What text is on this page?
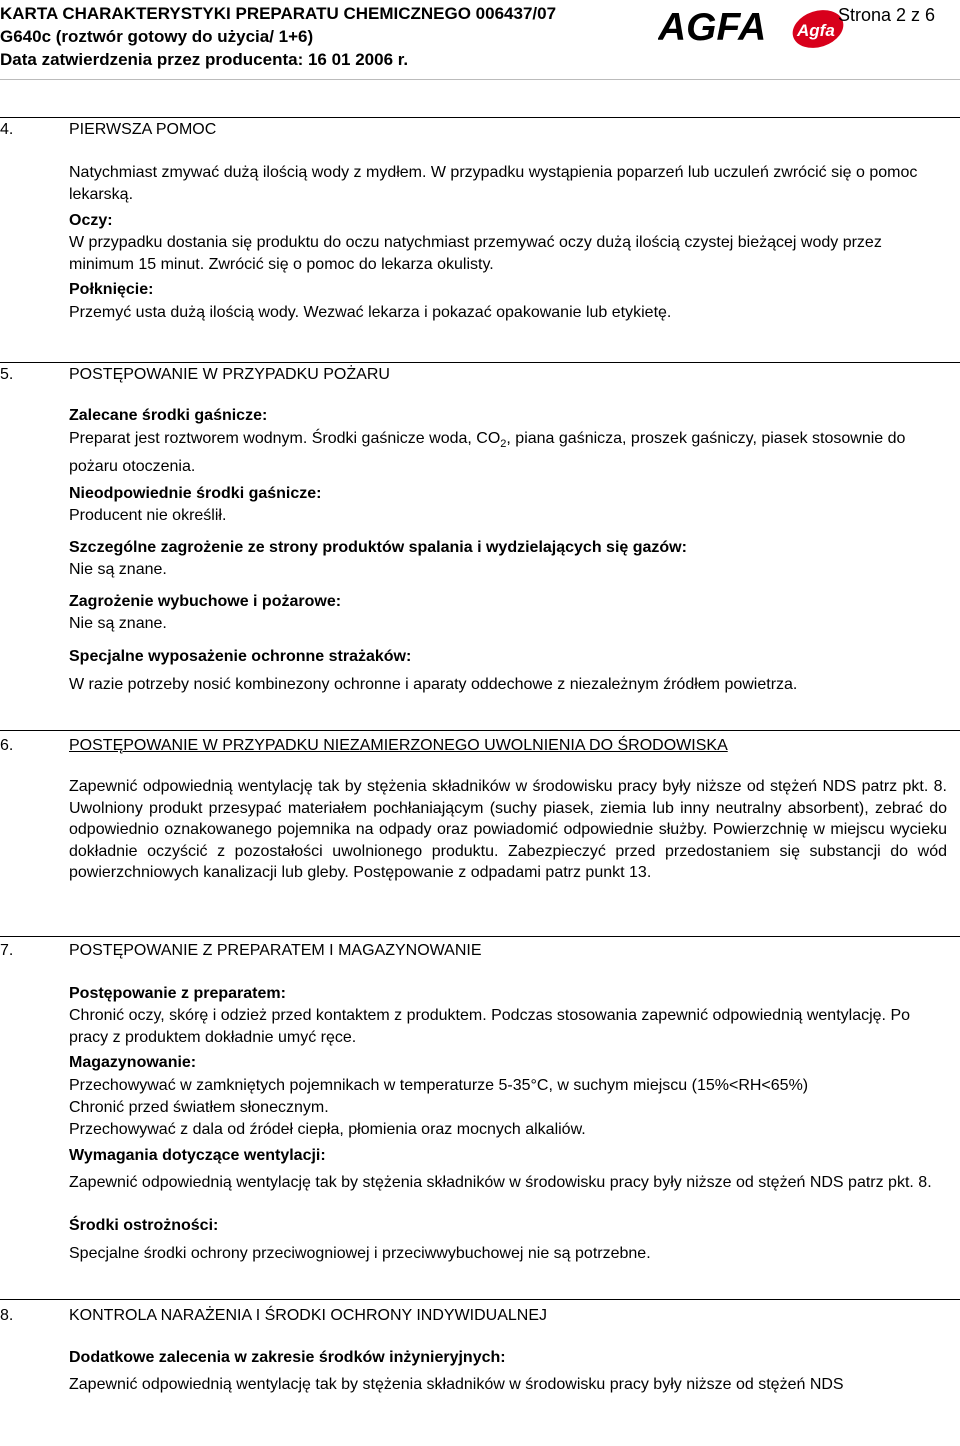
KARTA CHARAKTERYSTYKI PREPARATU CHEMICZNEGO 006437/07
G640c (roztwór gotowy do użycia/ 1+6)
Data zatwierdzenia przez producenta: 16 01 2006 r.
AGFA Agfa
Strona 2 z 6
4.	PIERWSZA POMOC
Natychmiast zmywać dużą ilością wody z mydłem. W przypadku wystąpienia poparzeń lub uczuleń zwrócić się o pomoc lekarską.
Oczy:
W przypadku dostania się produktu do oczu natychmiast przemywać oczy dużą ilością czystej bieżącej wody przez minimum 15 minut. Zwrócić się o pomoc do lekarza okulisty.
Połknięcie:
Przemyć usta dużą ilością wody. Wezwać lekarza i pokazać opakowanie lub etykietę.
5.	POSTĘPOWANIE W PRZYPADKU POŻARU
Zalecane środki gaśnicze:
Preparat jest roztworem wodnym. Środki gaśnicze woda, $CO_2$, piana gaśnicza, proszek gaśniczy, piasek stosownie do pożaru otoczenia.
Nieodpowiednie środki gaśnicze:
Producent nie określił.
Szczególne zagrożenie ze strony produktów spalania i wydzielających się gazów:
Nie są znane.
Zagrożenie wybuchowe i pożarowe:
Nie są znane.
Specjalne wyposażenie ochronne strażaków:
W razie potrzeby nosić kombinezony ochronne i aparaty oddechowe z niezależnym źródłem powietrza.
6.	POSTĘPOWANIE W PRZYPADKU NIEZAMIERZONEGO UWOLNIENIA DO ŚRODOWISKA
Zapewnić odpowiednią wentylację tak by stężenia składników w środowisku pracy były niższe od stężeń NDS patrz pkt. 8. Uwolniony produkt przesypać materiałem pochłaniającym (suchy piasek, ziemia lub inny neutralny absorbent), zebrać do odpowiednio oznakowanego pojemnika na odpady oraz powiadomić odpowiednie służby. Powierzchnię w miejscu wycieku dokładnie oczyścić z pozostałości uwolnionego produktu. Zabezpieczyć przed przedostaniem się substancji do wód powierzchniowych kanalizacji lub gleby. Postępowanie z odpadami patrz punkt 13.
7.	POSTĘPOWANIE Z PREPARATEM I MAGAZYNOWANIE
Postępowanie z preparatem:
Chronić oczy, skórę i odzież przed kontaktem z produktem. Podczas stosowania zapewnić odpowiednią wentylację. Po pracy z produktem dokładnie umyć ręce.
Magazynowanie:
Przechowywać w zamkniętych pojemnikach w temperaturze 5-35°C, w suchym miejscu (15%<RH<65%)
Chronić przed światłem słonecznym.
Przechowywać z dala od źródeł ciepła, płomienia oraz mocnych alkaliów.
Wymagania dotyczące wentylacji:
Zapewnić odpowiednią wentylację tak by stężenia składników w środowisku pracy były niższe od stężeń NDS patrz pkt. 8.
Środki ostrożności:
Specjalne środki ochrony przeciwogniowej i przeciwwybuchowej nie są potrzebne.
8.	KONTROLA NARAŻENIA I ŚRODKI OCHRONY INDYWIDUALNEJ
Dodatkowe zalecenia w zakresie środków inżynieryjnych:
Zapewnić odpowiednią wentylację tak by stężenia składników w środowisku pracy były niższe od stężeń NDS
